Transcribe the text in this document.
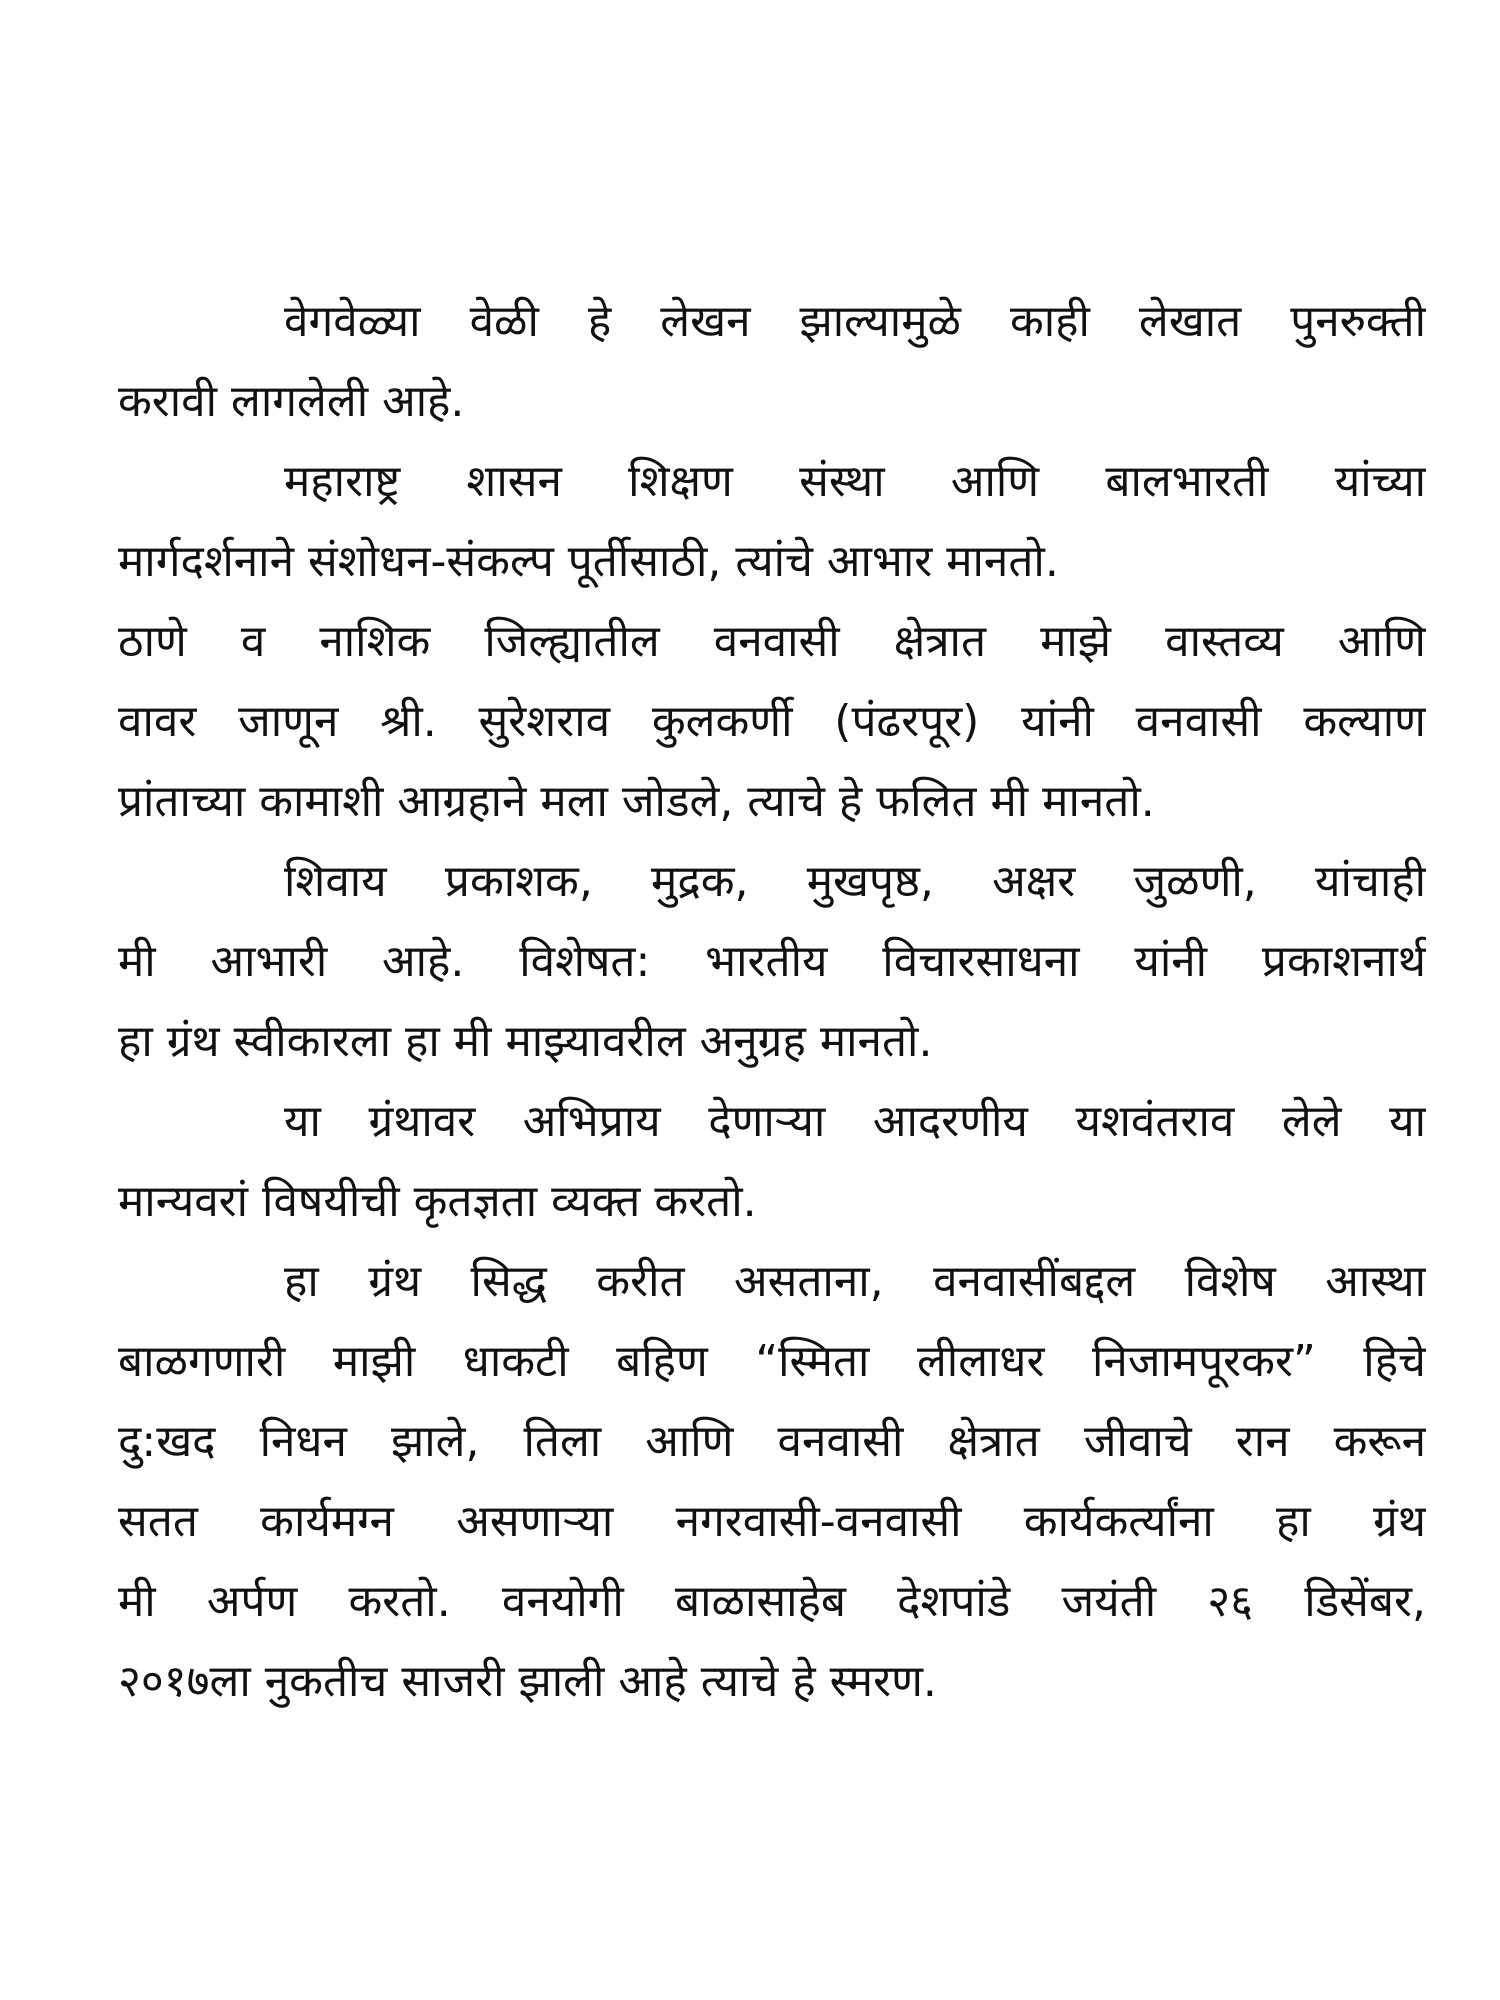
वेगवेळ्या वेळी हे लेखन झाल्यामुळे काही लेखात पुनरुक्ती
करावी लागलेली आहे.
महाराष्ट्र शासन शिक्षण संस्था आणि बालभारती यांच्या
मार्गदर्शनाने संशोधन-संकल्प पूर्तीसाठी, त्यांचे आभार मानतो.
ठाणे व नाशिक जिल्ह्यातील वनवासी क्षेत्रात माझे वास्तव्य आणि
वावर जाणून श्री. सुरेशराव कुलकर्णी (पंढरपूर) यांनी वनवासी कल्याण
प्रांताच्या कामाशी आग्रहाने मला जोडले, त्याचे हे फलित मी मानतो.
शिवाय प्रकाशक, मुद्रक, मुखपृष्ठ, अक्षर जुळणी, यांचाही
मी आभारी आहे. विशेषत: भारतीय विचारसाधना यांनी प्रकाशनार्थ
हा ग्रंथ स्वीकारला हा मी माझ्यावरील अनुग्रह मानतो.
या ग्रंथावर अभिप्राय देणाऱ्या आदरणीय यशवंतराव लेले या
मान्यवरां विषयीची कृतज्ञता व्यक्त करतो.
हा ग्रंथ सिद्ध करीत असताना, वनवासींबद्दल विशेष आस्था
बाळगणारी माझी धाकटी बहिण “स्मिता लीलाधर निजामपूरकर” हिचे
दु:खद निधन झाले, तिला आणि वनवासी क्षेत्रात जीवाचे रान करून
सतत कार्यमग्न असणाऱ्या नगरवासी-वनवासी कार्यकर्त्यांना हा ग्रंथ
मी अर्पण करतो. वनयोगी बाळासाहेब देशपांडे जयंती २६ डिसेंबर,
२०१७ला नुकतीच साजरी झाली आहे त्याचे हे स्मरण.
